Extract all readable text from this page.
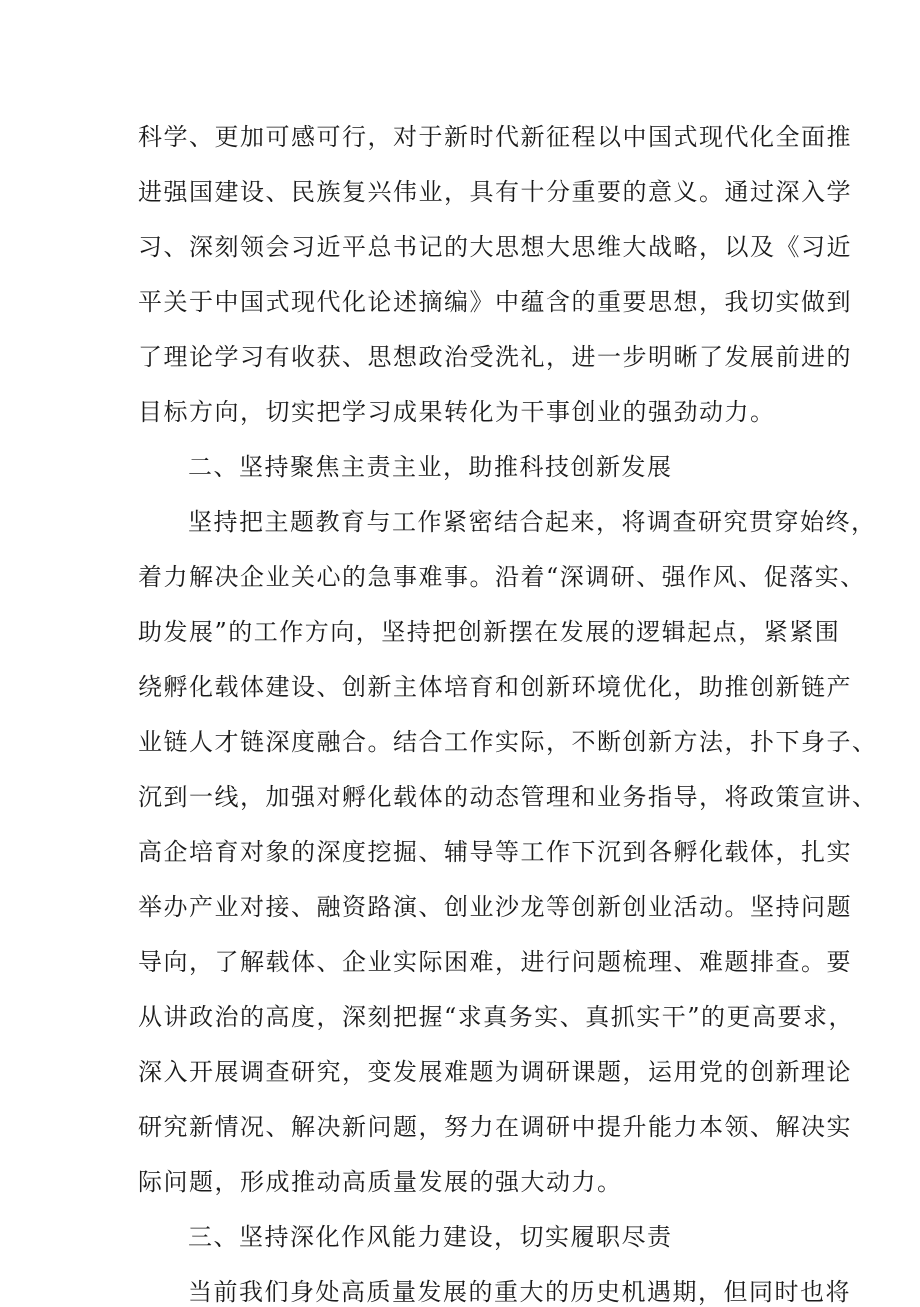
科学、更加可感可行，对于新时代新征程以中国式现代化全面推
进强国建设、民族复兴伟业，具有十分重要的意义。通过深入学
习、深刻领会习近平总书记的大思想大思维大战略，以及《习近
平关于中国式现代化论述摘编》中蕴含的重要思想，我切实做到
了理论学习有收获、思想政治受洗礼，进一步明晰了发展前进的
目标方向，切实把学习成果转化为干事创业的强劲动力。
二、坚持聚焦主责主业，助推科技创新发展
坚持把主题教育与工作紧密结合起来，将调查研究贯穿始终，
着力解决企业关心的急事难事。沿着“深调研、强作风、促落实、
助发展”的工作方向，坚持把创新摆在发展的逻辑起点，紧紧围
绕孵化载体建设、创新主体培育和创新环境优化，助推创新链产
业链人才链深度融合。结合工作实际，不断创新方法，扑下身子、
沉到一线，加强对孵化载体的动态管理和业务指导，将政策宣讲、
高企培育对象的深度挖掘、辅导等工作下沉到各孵化载体，扎实
举办产业对接、融资路演、创业沙龙等创新创业活动。坚持问题
导向，了解载体、企业实际困难，进行问题梳理、难题排查。要
从讲政治的高度，深刻把握“求真务实、真抓实干”的更高要求，
深入开展调查研究，变发展难题为调研课题，运用党的创新理论
研究新情况、解决新问题，努力在调研中提升能力本领、解决实
际问题，形成推动高质量发展的强大动力。
三、坚持深化作风能力建设，切实履职尽责
当前我们身处高质量发展的重大的历史机遇期，但同时也将
